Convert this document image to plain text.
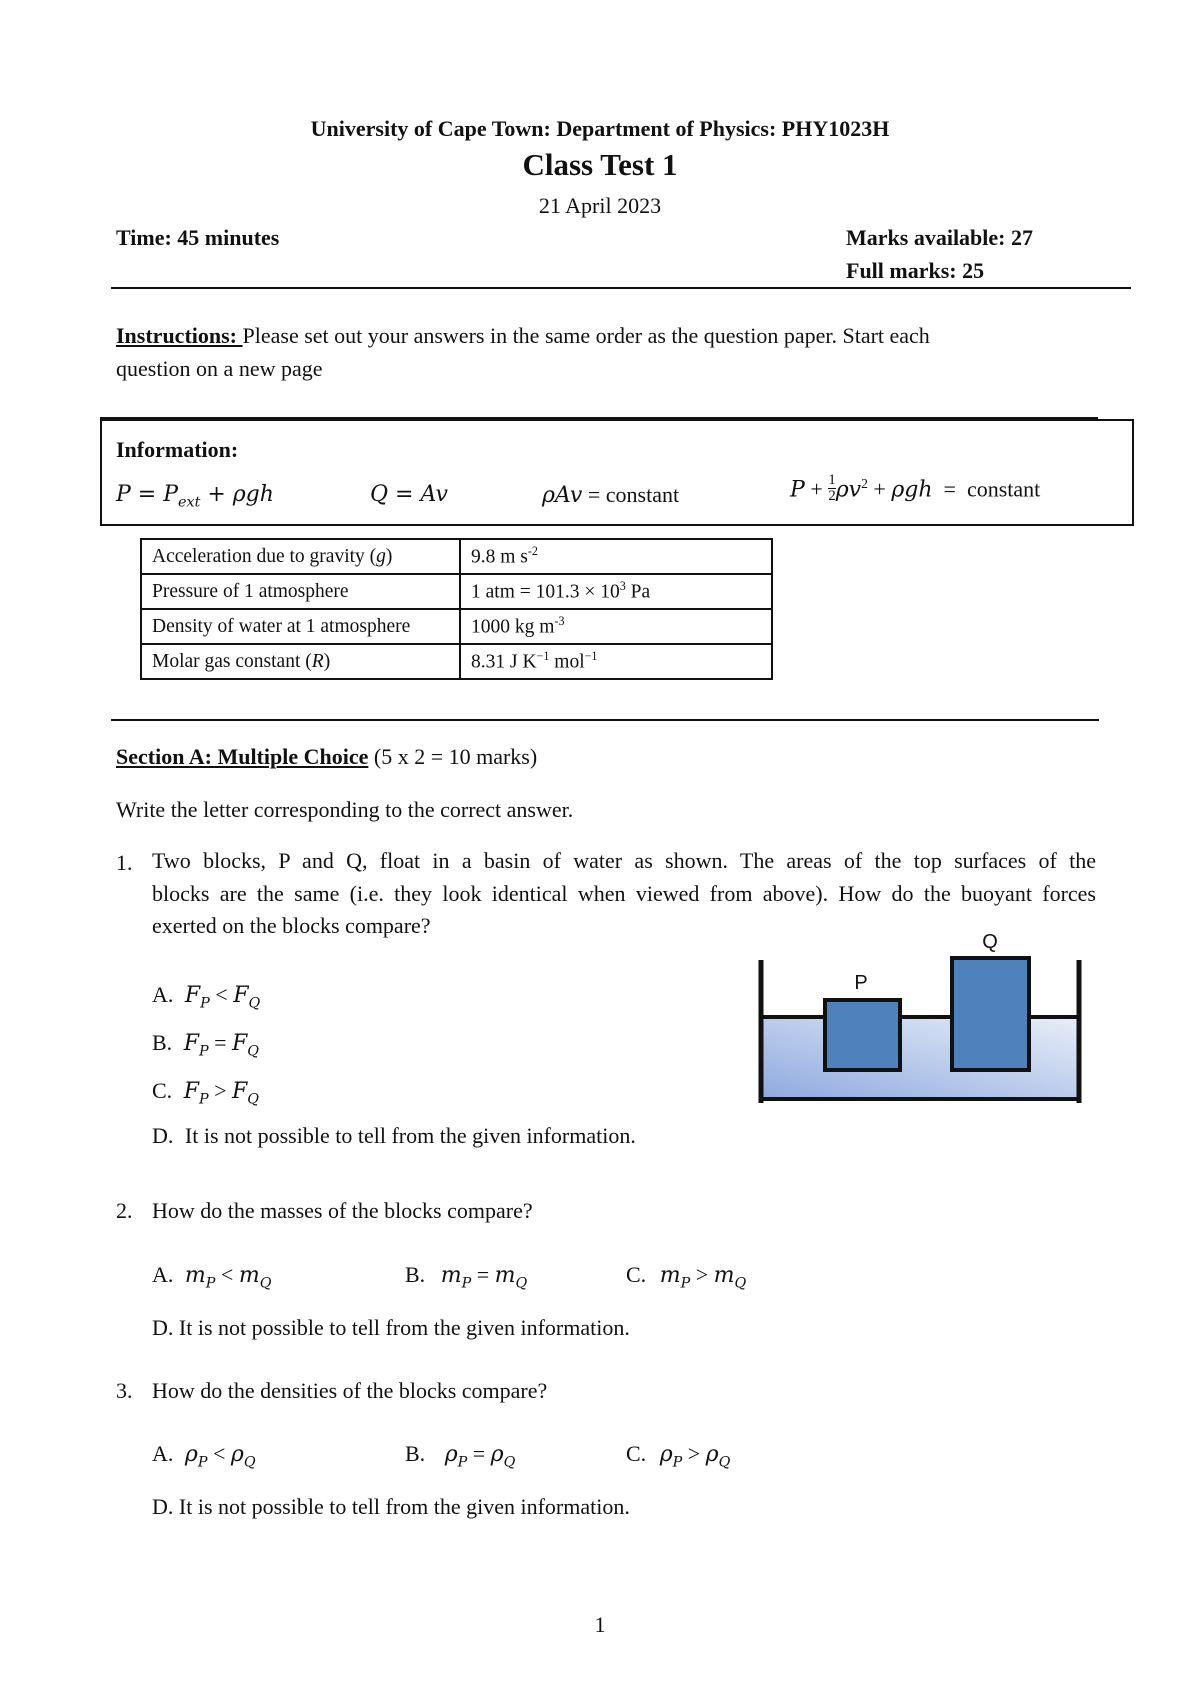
University of Cape Town: Department of Physics: PHY1023H
Class Test 1
21 April 2023
Time: 45 minutes	Marks available: 27
Full marks: 25
Instructions: Please set out your answers in the same order as the question paper. Start each
question on a new page
Information:
$P = P_{ext} + \rho gh$	Q = Av	ρAv = constant	$P + \frac{1}{2} \rho v^2 + \rho gh$  =  constant
Acceleration due to gravity (g)	9.8 m $s^{-2}$
Pressure of 1 atmosphere	1 atm = $101.3 \times 10^3$ Pa
Density of water at 1 atmosphere	1000 kg $m^{-3}$
Molar gas constant (R)	8.31 J $K^{-1}$ mol$^{-1}$
Section A: Multiple Choice (5 x 2 = 10 marks)
Write the letter corresponding to the correct answer.
1. Two blocks, P and Q, float in a basin of water as shown. The areas of the top surfaces of the
blocks are the same (i.e. they look identical when viewed from above). How do the buoyant forces
exerted on the blocks compare?
A. $F_P < F_Q$
B. $F_P = F_Q$
C. $F_P > F_Q$
D. It is not possible to tell from the given information.
P
Q
2. How do the masses of the blocks compare?
A. $m_P < m_Q$	B. $m_P = m_Q$	C. $m_P > m_Q$
D. It is not possible to tell from the given information.
3. How do the densities of the blocks compare?
A. $\rho_P < \rho_Q$	B. $\rho_P = \rho_Q$	C. $\rho_P > \rho_Q$
D. It is not possible to tell from the given information.
1
